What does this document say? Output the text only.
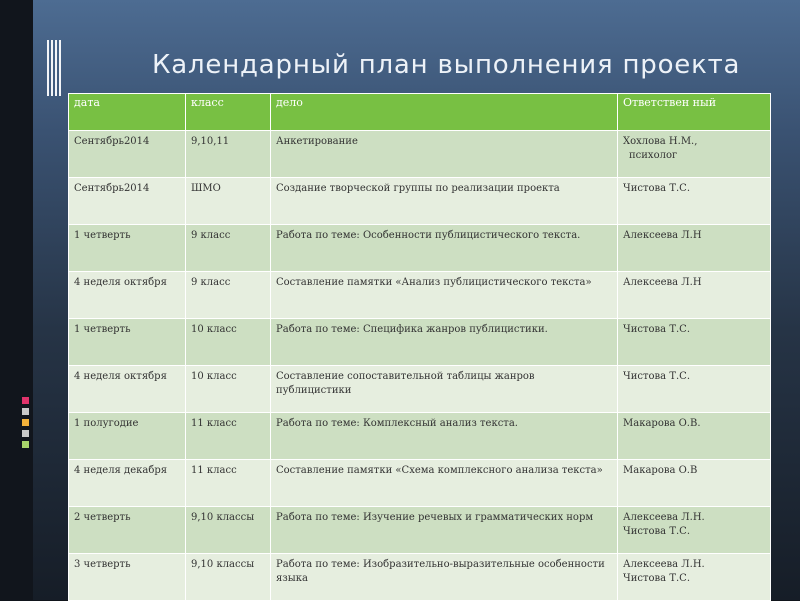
Календарный план выполнения проекта
дата	класс	дело	Ответствен ный
Сентябрь2014	9,10,11	Анкетирование	Хохлова Н.М.,
психолог
Сентябрь2014	ШМО	Создание творческой группы по реализации проекта	Чистова Т.С.
1 четверть	9 класс	Работа по теме: Особенности публицистического текста.	Алексеева Л.Н
4 неделя октября	9 класс	Составление памятки «Анализ публицистического текста»	Алексеева Л.Н
1 четверть	10 класс	Работа по теме: Специфика жанров публицистики.	Чистова Т.С.
4 неделя октября	10 класс	Составление сопоставительной таблицы жанров публицистики	Чистова Т.С.
1 полугодие	11 класс	Работа по теме: Комплексный анализ текста.	Макарова О.В.
4 неделя декабря	11 класс	Составление памятки «Схема комплексного анализа текста»	Макарова О.В
2 четверть	9,10 классы	Работа по теме: Изучение речевых и грамматических норм	Алексеева Л.Н.
Чистова Т.С.
3 четверть	9,10 классы	Работа по теме: Изобразительно-выразительные особенности языка	Алексеева Л.Н.
Чистова Т.С.
